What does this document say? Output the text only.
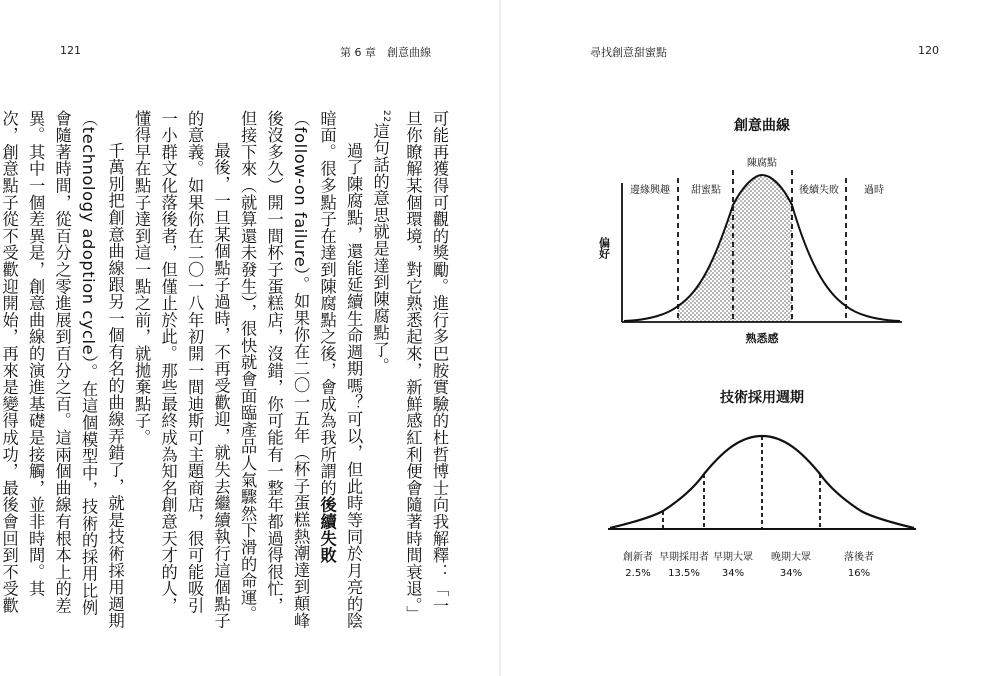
121	第 6 章　創意曲線	尋找創意甜蜜點	120

可能再獲得可觀的獎勵。進行多巴胺實驗的杜哲博士向我解釋：「一旦你瞭解某個環境，對它熟悉起來，新鮮感紅利便會隨著時間衰退。」$^{22}$這句話的意思就是達到陳腐點了。

過了陳腐點，還能延續生命週期嗎？可以，但此時等同於月亮的陰暗面。很多點子在達到陳腐點之後，會成為我所謂的後續失敗（follow-on failure）。如果你在二〇一五年（杯子蛋糕熱潮達到顛峰後沒多久）開一間杯子蛋糕店，沒錯，你可能有一整年都過得很忙，但接下來（就算還未發生），很快就會面臨產品人氣驟然下滑的命運。

最後，一旦某個點子過時，不再受歡迎，就失去繼續執行這個點子的意義。如果你在二〇一八年初開一間迪斯可主題商店，很可能吸引一小群文化落後者，但僅止於此。那些最終成為知名創意天才的人，懂得早在點子達到這一點之前，就拋棄點子。

千萬別把創意曲線跟另一個有名的曲線弄錯了，就是技術採用週期（technology adoption cycle）。在這個模型中，技術的採用比例會隨著時間，從百分之零進展到百分之百。這兩個曲線有根本上的差異。其中一個差異是，創意曲線的演進基礎是接觸，並非時間。其次，創意點子從不受歡迎開始，再來是變得成功，最後會回到不受歡

創意曲線
陳腐點
邊緣興趣 甜蜜點	後續失敗	過時
偏好
熟悉感
技術採用週期
創新者
2.5%
早期採用者
13.5%
早期大眾
34%
晚期大眾
34%
落後者
16%
